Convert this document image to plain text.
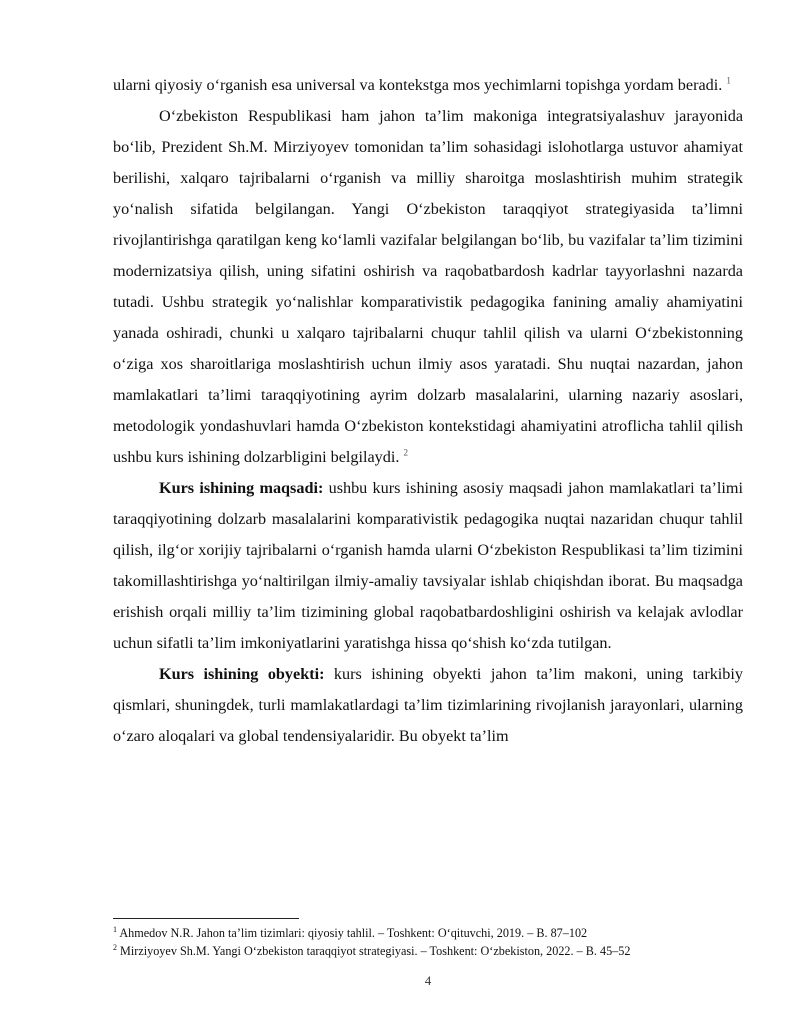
ularni qiyosiy o‘rganish esa universal va kontekstga mos yechimlarni topishga yordam beradi. $^1$

O‘zbekiston Respublikasi ham jahon ta’lim makoniga integratsiyalashuv jarayonida bo‘lib, Prezident Sh.M. Mirziyoyev tomonidan ta’lim sohasidagi islohotlarga ustuvor ahamiyat berilishi, xalqaro tajribalarni o‘rganish va milliy sharoitga moslashtirish muhim strategik yo‘nalish sifatida belgilangan. Yangi O‘zbekiston taraqqiyot strategiyasida ta’limni rivojlantirishga qaratilgan keng ko‘lamli vazifalar belgilangan bo‘lib, bu vazifalar ta’lim tizimini modernizatsiya qilish, uning sifatini oshirish va raqobatbardosh kadrlar tayyorlashni nazarda tutadi. Ushbu strategik yo‘nalishlar komparativistik pedagogika fanining amaliy ahamiyatini yanada oshiradi, chunki u xalqaro tajribalarni chuqur tahlil qilish va ularni O‘zbekistonning o‘ziga xos sharoitlariga moslashtirish uchun ilmiy asos yaratadi. Shu nuqtai nazardan, jahon mamlakatlari ta’limi taraqqiyotining ayrim dolzarb masalalarini, ularning nazariy asoslari, metodologik yondashuvlari hamda O‘zbekiston kontekstidagi ahamiyatini atroflicha tahlil qilish ushbu kurs ishining dolzarbligini belgilaydi. $^2$

Kurs ishining maqsadi: ushbu kurs ishining asosiy maqsadi jahon mamlakatlari ta’limi taraqqiyotining dolzarb masalalarini komparativistik pedagogika nuqtai nazaridan chuqur tahlil qilish, ilg‘or xorijiy tajribalarni o‘rganish hamda ularni O‘zbekiston Respublikasi ta’lim tizimini takomillashtirishga yo‘naltirilgan ilmiy-amaliy tavsiyalar ishlab chiqishdan iborat. Bu maqsadga erishish orqali milliy ta’lim tizimining global raqobatbardoshligini oshirish va kelajak avlodlar uchun sifatli ta’lim imkoniyatlarini yaratishga hissa qo‘shish ko‘zda tutilgan.

Kurs ishining obyekti: kurs ishining obyekti jahon ta’lim makoni, uning tarkibiy qismlari, shuningdek, turli mamlakatlardagi ta’lim tizimlarining rivojlanish jarayonlari, ularning o‘zaro aloqalari va global tendensiyalaridir. Bu obyekt ta’lim

$^1$ Ahmedov N.R. Jahon ta’lim tizimlari: qiyosiy tahlil. – Toshkent: O‘qituvchi, 2019. – B. 87–102

$^2$ Mirziyoyev Sh.M. Yangi O‘zbekiston taraqqiyot strategiyasi. – Toshkent: O‘zbekiston, 2022. – B. 45–52

4
